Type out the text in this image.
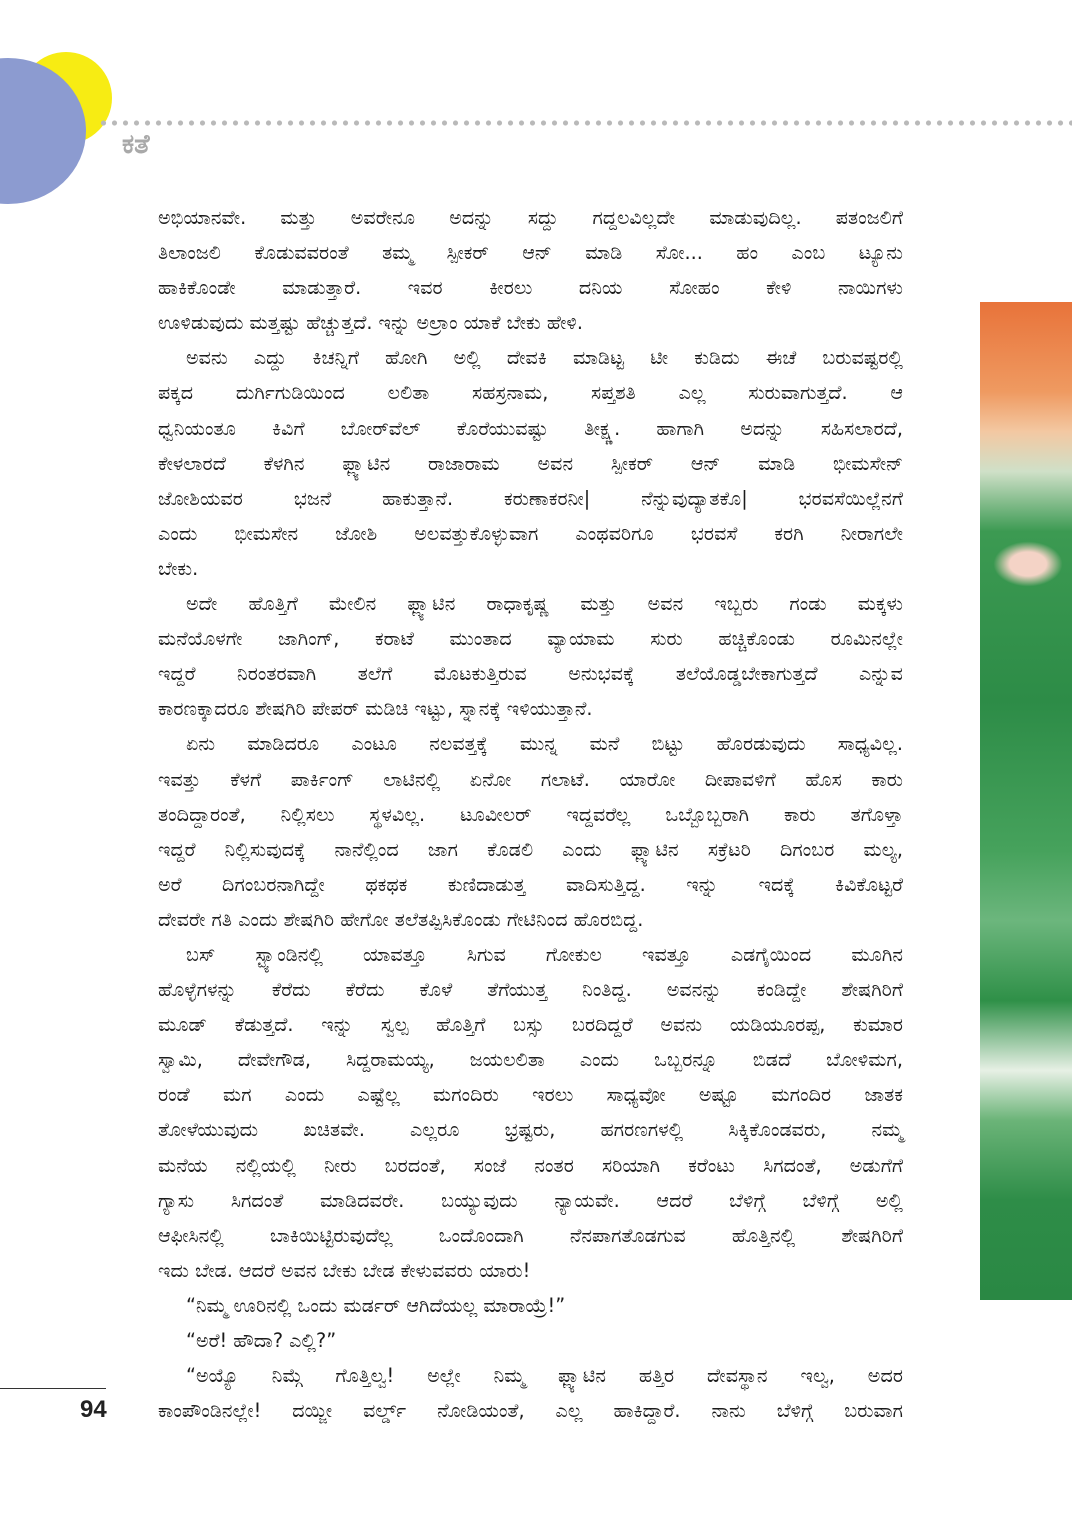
ಕತೆ

ಅಭಿಯಾನವೇ. ಮತ್ತು ಅವರೇನೂ ಅದನ್ನು ಸದ್ದು ಗದ್ದಲವಿಲ್ಲದೇ ಮಾಡುವುದಿಲ್ಲ. ಪತಂಜಲಿಗೆ

ತಿಲಾಂಜಲಿ ಕೊಡುವವರಂತೆ ತಮ್ಮ ಸ್ಪೀಕರ್ ಆನ್ ಮಾಡಿ ಸೋ... ಹಂ ಎಂಬ ಟ್ಯೂನು

ಹಾಕಿಕೊಂಡೇ ಮಾಡುತ್ತಾರೆ. ಇವರ ಕೀರಲು ದನಿಯ ಸೋಹಂ ಕೇಳಿ ನಾಯಿಗಳು

ಊಳಿಡುವುದು ಮತ್ತಷ್ಟು ಹೆಚ್ಚುತ್ತದೆ. ಇನ್ನು ಅಲ್ರಾಂ ಯಾಕೆ ಬೇಕು ಹೇಳಿ.

ಅವನು ಎದ್ದು ಕಿಚನ್ನಿಗೆ ಹೋಗಿ ಅಲ್ಲಿ ದೇವಕಿ ಮಾಡಿಟ್ಟ ಟೀ ಕುಡಿದು ಈಚೆ ಬರುವಷ್ಟರಲ್ಲಿ

ಪಕ್ಕದ ದುರ್ಗಿಗುಡಿಯಿಂದ ಲಲಿತಾ ಸಹಸ್ರನಾಮ, ಸಪ್ತಶತಿ ಎಲ್ಲ ಸುರುವಾಗುತ್ತದೆ. ಆ

ಧ್ವನಿಯಂತೂ ಕಿವಿಗೆ ಬೋರ್‌ವೆಲ್ ಕೊರೆಯುವಷ್ಟು ತೀಕ್ಷ್ಣ. ಹಾಗಾಗಿ ಅದನ್ನು ಸಹಿಸಲಾರದೆ,

ಕೇಳಲಾರದೆ ಕೆಳಗಿನ ಫ್ಲ್ಯಾಟಿನ ರಾಜಾರಾಮ ಅವನ ಸ್ಪೀಕರ್ ಆನ್ ಮಾಡಿ ಭೀಮಸೇನ್

ಜೋಶಿಯವರ ಭಜನೆ ಹಾಕುತ್ತಾನೆ. ಕರುಣಾಕರನೀ| ನೆನ್ನುವುದ್ಯಾತಕೊ| ಭರವಸೆಯಿಲ್ಲೆನಗೆ

ಎಂದು ಭೀಮಸೇನ ಜೋಶಿ ಅಲವತ್ತುಕೊಳ್ಳುವಾಗ ಎಂಥವರಿಗೂ ಭರವಸೆ ಕರಗಿ ನೀರಾಗಲೇ

ಬೇಕು.

ಅದೇ ಹೊತ್ತಿಗೆ ಮೇಲಿನ ಫ್ಲ್ಯಾಟಿನ ರಾಧಾಕೃಷ್ಣ ಮತ್ತು ಅವನ ಇಬ್ಬರು ಗಂಡು ಮಕ್ಕಳು

ಮನೆಯೊಳಗೇ ಜಾಗಿಂಗ್, ಕರಾಟೆ ಮುಂತಾದ ವ್ಯಾಯಾಮ ಸುರು ಹಚ್ಚಿಕೊಂಡು ರೂಮಿನಲ್ಲೇ

ಇದ್ದರೆ ನಿರಂತರವಾಗಿ ತಲೆಗೆ ಮೊಟಕುತ್ತಿರುವ ಅನುಭವಕ್ಕೆ ತಲೆಯೊಡ್ಡಬೇಕಾಗುತ್ತದೆ ಎನ್ನುವ

ಕಾರಣಕ್ಕಾದರೂ ಶೇಷಗಿರಿ ಪೇಪರ್ ಮಡಿಚಿ ಇಟ್ಟು, ಸ್ನಾನಕ್ಕೆ ಇಳಿಯುತ್ತಾನೆ.

ಏನು ಮಾಡಿದರೂ ಎಂಟೂ ನಲವತ್ತಕ್ಕೆ ಮುನ್ನ ಮನೆ ಬಿಟ್ಟು ಹೊರಡುವುದು ಸಾಧ್ಯವಿಲ್ಲ.

ಇವತ್ತು ಕೆಳಗೆ ಪಾರ್ಕಿಂಗ್ ಲಾಟಿನಲ್ಲಿ ಏನೋ ಗಲಾಟೆ. ಯಾರೋ ದೀಪಾವಳಿಗೆ ಹೊಸ ಕಾರು

ತಂದಿದ್ದಾರಂತೆ, ನಿಲ್ಲಿಸಲು ಸ್ಥಳವಿಲ್ಲ. ಟೂವೀಲರ್ ಇದ್ದವರೆಲ್ಲ ಒಬ್ಬೊಬ್ಬರಾಗಿ ಕಾರು ತಗೊಳ್ತಾ

ಇದ್ದರೆ ನಿಲ್ಲಿಸುವುದಕ್ಕೆ ನಾನೆಲ್ಲಿಂದ ಜಾಗ ಕೊಡಲಿ ಎಂದು ಫ್ಲ್ಯಾಟಿನ ಸಕ್ರೆಟರಿ ದಿಗಂಬರ ಮಲ್ಯ,

ಅರೆ ದಿಗಂಬರನಾಗಿದ್ದೇ ಥಕಥಕ ಕುಣಿದಾಡುತ್ತ ವಾದಿಸುತ್ತಿದ್ದ. ಇನ್ನು ಇದಕ್ಕೆ ಕಿವಿಕೊಟ್ಟರೆ

ದೇವರೇ ಗತಿ ಎಂದು ಶೇಷಗಿರಿ ಹೇಗೋ ತಲೆತಪ್ಪಿಸಿಕೊಂಡು ಗೇಟಿನಿಂದ ಹೊರಬಿದ್ದ.

ಬಸ್ ಸ್ಟ್ಯಾಂಡಿನಲ್ಲಿ ಯಾವತ್ತೂ ಸಿಗುವ ಗೋಕುಲ ಇವತ್ತೂ ಎಡಗೈಯಿಂದ ಮೂಗಿನ

ಹೊಳ್ಳೆಗಳನ್ನು ಕೆರೆದು ಕೆರೆದು ಕೊಳೆ ತೆಗೆಯುತ್ತ ನಿಂತಿದ್ದ. ಅವನನ್ನು ಕಂಡಿದ್ದೇ ಶೇಷಗಿರಿಗೆ

ಮೂಡ್ ಕೆಡುತ್ತದೆ. ಇನ್ನು ಸ್ವಲ್ಪ ಹೊತ್ತಿಗೆ ಬಸ್ಸು ಬರದಿದ್ದರೆ ಅವನು ಯಡಿಯೂರಪ್ಪ, ಕುಮಾರ

ಸ್ವಾಮಿ, ದೇವೇಗೌಡ, ಸಿದ್ದರಾಮಯ್ಯ, ಜಯಲಲಿತಾ ಎಂದು ಒಬ್ಬರನ್ನೂ ಬಿಡದೆ ಬೋಳಿಮಗ,

ರಂಡೆ ಮಗ ಎಂದು ಎಷ್ಟೆಲ್ಲ ಮಗಂದಿರು ಇರಲು ಸಾಧ್ಯವೋ ಅಷ್ಟೂ ಮಗಂದಿರ ಜಾತಕ

ತೋಳೆಯುವುದು ಖಚಿತವೇ. ಎಲ್ಲರೂ ಭ್ರಷ್ಟರು, ಹಗರಣಗಳಲ್ಲಿ ಸಿಕ್ಕಿಕೊಂಡವರು, ನಮ್ಮ

ಮನೆಯ ನಲ್ಲಿಯಲ್ಲಿ ನೀರು ಬರದಂತೆ, ಸಂಜೆ ನಂತರ ಸರಿಯಾಗಿ ಕರೆಂಟು ಸಿಗದಂತೆ, ಅಡುಗೆಗೆ

ಗ್ಯಾಸು ಸಿಗದಂತೆ ಮಾಡಿದವರೇ. ಬಯ್ಯುವುದು ನ್ಯಾಯವೇ. ಆದರೆ ಬೆಳಿಗ್ಗೆ ಬೆಳಿಗ್ಗೆ ಅಲ್ಲಿ

ಆಫೀಸಿನಲ್ಲಿ ಬಾಕಿಯಿಟ್ಟಿರುವುದೆಲ್ಲ ಒಂದೊಂದಾಗಿ ನೆನಪಾಗತೊಡಗುವ ಹೊತ್ತಿನಲ್ಲಿ ಶೇಷಗಿರಿಗೆ

ಇದು ಬೇಡ. ಆದರೆ ಅವನ ಬೇಕು ಬೇಡ ಕೇಳುವವರು ಯಾರು!

“ನಿಮ್ಮ ಊರಿನಲ್ಲಿ ಒಂದು ಮರ್ಡರ್ ಆಗಿದೆಯಲ್ಲ ಮಾರಾಯ್ರೆ!”

“ಅರೆ! ಹೌದಾ? ಎಲ್ಲಿ?”

“ಅಯ್ಯೊ ನಿಮ್ಗೆ ಗೊತ್ತಿಲ್ವ! ಅಲ್ಲೇ ನಿಮ್ಮ ಫ್ಲ್ಯಾಟಿನ ಹತ್ತಿರ ದೇವಸ್ಥಾನ ಇಲ್ವ, ಅದರ

ಕಾಂಪೌಂಡಿನಲ್ಲೇ! ದಯ್ಜೀ ವರ್ಲ್ಡ್ ನೋಡಿಯಂತೆ, ಎಲ್ಲ ಹಾಕಿದ್ದಾರೆ. ನಾನು ಬೆಳಿಗ್ಗೆ ಬರುವಾಗ

94
